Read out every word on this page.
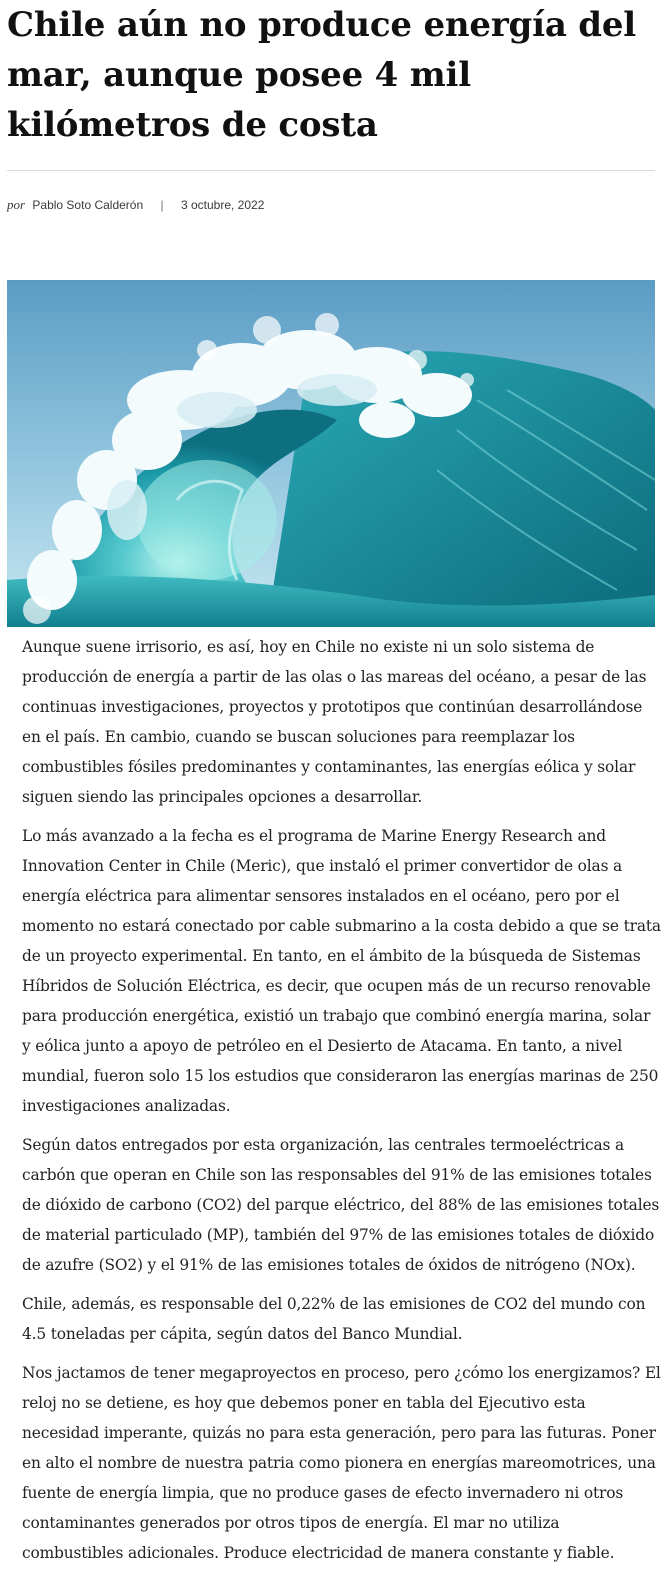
Chile aún no produce energía del mar, aunque posee 4 mil kilómetros de costa
por Pablo Soto Calderón | 3 octubre, 2022

Aunque suene irrisorio, es así, hoy en Chile no existe ni un solo sistema de producción de energía a partir de las olas o las mareas del océano, a pesar de las continuas investigaciones, proyectos y prototipos que continúan desarrollándose en el país. En cambio, cuando se buscan soluciones para reemplazar los combustibles fósiles predominantes y contaminantes, las energías eólica y solar siguen siendo las principales opciones a desarrollar.

Lo más avanzado a la fecha es el programa de Marine Energy Research and Innovation Center in Chile (Meric), que instaló el primer convertidor de olas a energía eléctrica para alimentar sensores instalados en el océano, pero por el momento no estará conectado por cable submarino a la costa debido a que se trata de un proyecto experimental. En tanto, en el ámbito de la búsqueda de Sistemas Híbridos de Solución Eléctrica, es decir, que ocupen más de un recurso renovable para producción energética, existió un trabajo que combinó energía marina, solar y eólica junto a apoyo de petróleo en el Desierto de Atacama. En tanto, a nivel mundial, fueron solo 15 los estudios que consideraron las energías marinas de 250 investigaciones analizadas.

Según datos entregados por esta organización, las centrales termoeléctricas a carbón que operan en Chile son las responsables del 91% de las emisiones totales de dióxido de carbono (CO2) del parque eléctrico, del 88% de las emisiones totales de material particulado (MP), también del 97% de las emisiones totales de dióxido de azufre (SO2) y el 91% de las emisiones totales de óxidos de nitrógeno (NOx).

Chile, además, es responsable del 0,22% de las emisiones de CO2 del mundo con 4.5 toneladas per cápita, según datos del Banco Mundial.

Nos jactamos de tener megaproyectos en proceso, pero ¿cómo los energizamos? El reloj no se detiene, es hoy que debemos poner en tabla del Ejecutivo esta necesidad imperante, quizás no para esta generación, pero para las futuras. Poner en alto el nombre de nuestra patria como pionera en energías mareomotrices, una fuente de energía limpia, que no produce gases de efecto invernadero ni otros contaminantes generados por otros tipos de energía. El mar no utiliza combustibles adicionales. Produce electricidad de manera constante y fiable.
